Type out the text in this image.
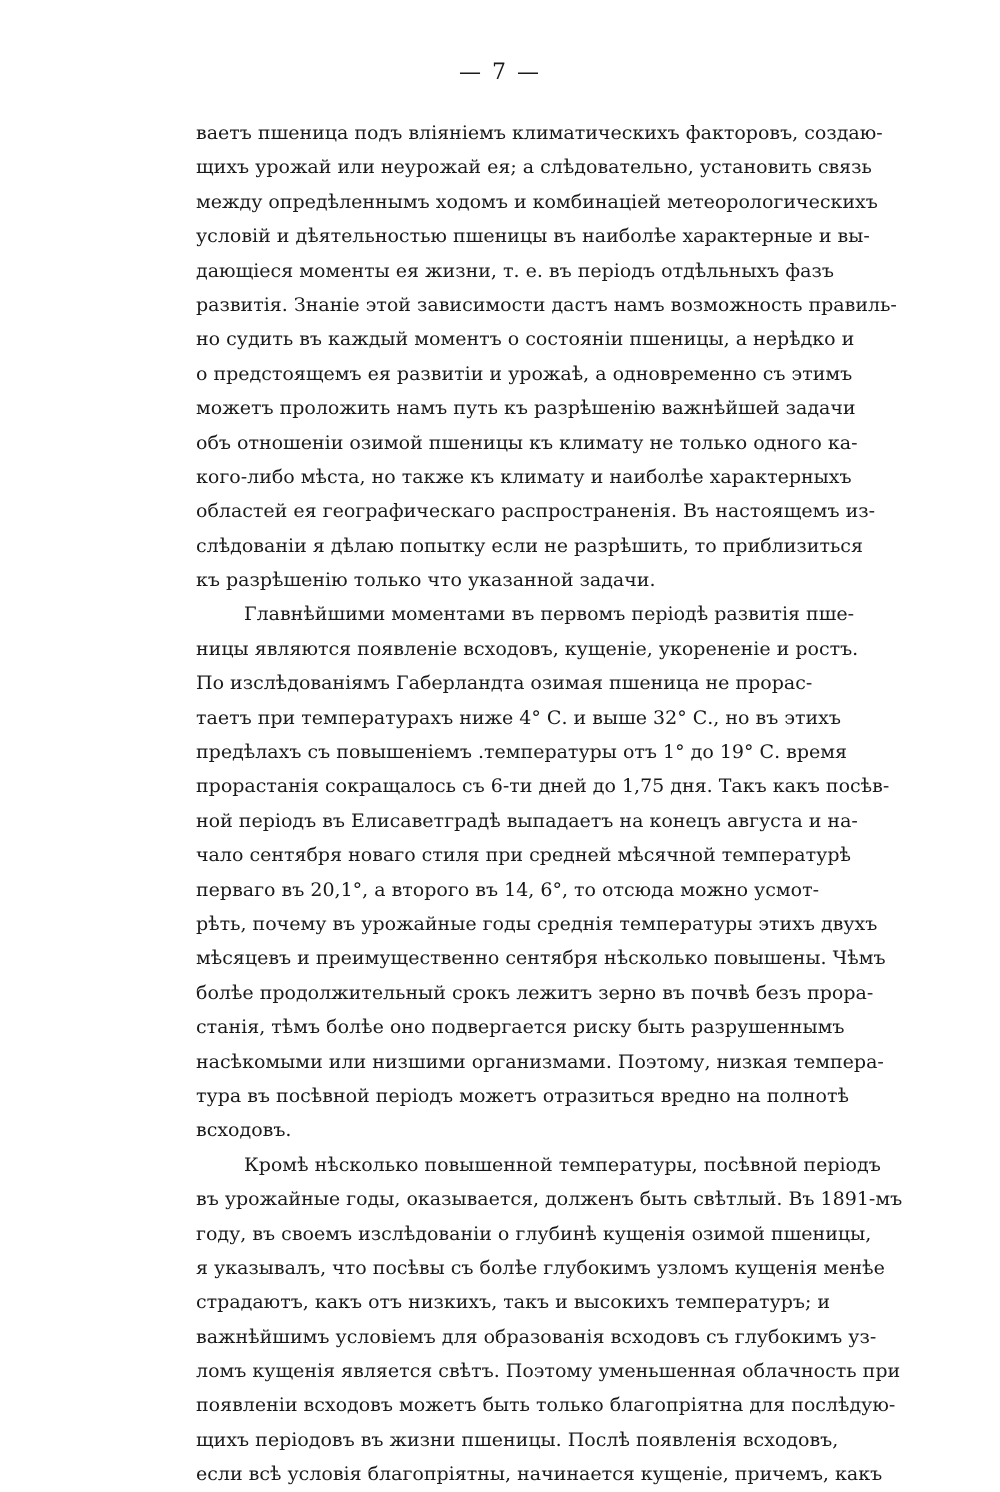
— 7 —
ваетъ пшеница подъ вліяніемъ климатическихъ факторовъ, создаю-
щихъ урожай или неурожай ея; а слѣдовательно, установить связь
между опредѣленнымъ ходомъ и комбинаціей метеорологическихъ
условій и дѣятельностью пшеницы въ наиболѣе характерные и вы-
дающіеся моменты ея жизни, т. е. въ періодъ отдѣльныхъ фазъ
развитія. Знаніе этой зависимости дастъ намъ возможность правиль-
но судить въ каждый моментъ о состояніи пшеницы, а нерѣдко и
о предстоящемъ ея развитіи и урожаѣ, а одновременно съ этимъ
можетъ проложить намъ путь къ разрѣшенію важнѣйшей задачи
объ отношеніи озимой пшеницы къ климату не только одного ка-
кого-либо мѣста, но также къ климату и наиболѣе характерныхъ
областей ея географическаго распространенія. Въ настоящемъ из-
слѣдованіи я дѣлаю попытку если не разрѣшить, то приблизиться
къ разрѣшенію только что указанной задачи.
Главнѣйшими моментами въ первомъ періодѣ развитія пше-
ницы являются появленіе всходовъ, кущеніе, укорененіе и ростъ.
По изслѣдованіямъ Габерландта озимая пшеница не прорас-
таетъ при температурахъ ниже 4° С. и выше 32° С., но въ этихъ
предѣлахъ съ повышеніемъ .температуры отъ 1° до 19° С. время
прорастанія сокращалось съ 6-ти дней до 1,75 дня. Такъ какъ посѣв-
ной періодъ въ Елисаветградѣ выпадаетъ на конецъ августа и на-
чало сентября новаго стиля при средней мѣсячной температурѣ
перваго въ 20,1°, а второго въ 14, 6°, то отсюда можно усмот-
рѣть, почему въ урожайные годы среднія температуры этихъ двухъ
мѣсяцевъ и преимущественно сентября нѣсколько повышены. Чѣмъ
болѣе продолжительный срокъ лежитъ зерно въ почвѣ безъ прора-
станія, тѣмъ болѣе оно подвергается риску быть разрушеннымъ
насѣкомыми или низшими организмами. Поэтому, низкая темпера-
тура въ посѣвной періодъ можетъ отразиться вредно на полнотѣ
всходовъ.
Кромѣ нѣсколько повышенной температуры, посѣвной періодъ
въ урожайные годы, оказывается, долженъ быть свѣтлый. Въ 1891-мъ
году, въ своемъ изслѣдованіи о глубинѣ кущенія озимой пшеницы,
я указывалъ, что посѣвы съ болѣе глубокимъ узломъ кущенія менѣе
страдаютъ, какъ отъ низкихъ, такъ и высокихъ температуръ; и
важнѣйшимъ условіемъ для образованія всходовъ съ глубокимъ уз-
ломъ кущенія является свѣтъ. Поэтому уменьшенная облачность при
появленіи всходовъ можетъ быть только благопріятна для послѣдую-
щихъ періодовъ въ жизни пшеницы. Послѣ появленія всходовъ,
если всѣ условія благопріятны, начинается кущеніе, причемъ, какъ
